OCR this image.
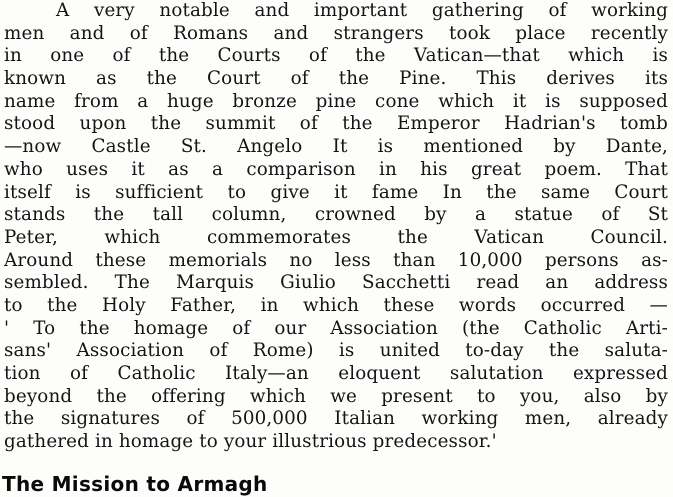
A very notable and important gathering of working
men and of Romans and strangers took place recently
in one of the Courts of the Vatican—that which is
known as the Court of the Pine. This derives its
name from a huge bronze pine cone which it is supposed
stood upon the summit of the Emperor Hadrian's tomb
—now Castle St. Angelo It is mentioned by Dante,
who uses it as a comparison in his great poem. That
itself is sufficient to give it fame In the same Court
stands the tall column, crowned by a statue of St
Peter, which commemorates the Vatican Council.
Around these memorials no less than 10,000 persons as-
sembled. The Marquis Giulio Sacchetti read an address
to the Holy Father, in which these words occurred —
' To the homage of our Association (the Catholic Arti-
sans' Association of Rome) is united to-day the saluta-
tion of Catholic Italy—an eloquent salutation expressed
beyond the offering which we present to you, also by
the signatures of 500,000 Italian working men, already
gathered in homage to your illustrious predecessor.'
The Mission to Armagh
